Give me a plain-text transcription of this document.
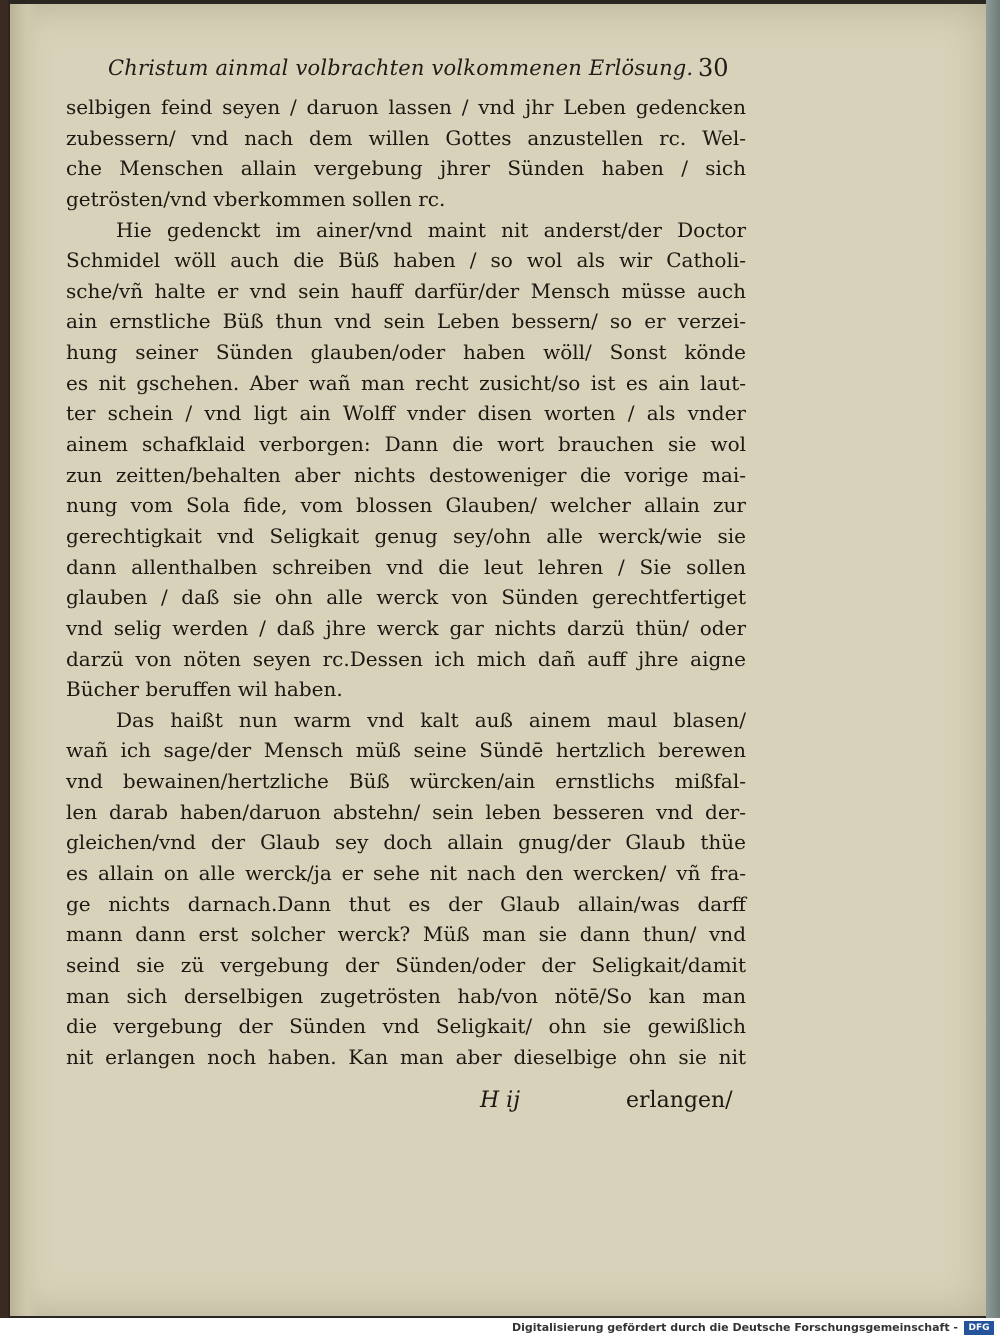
Christum ainmal volbrachten volkommenen Erlösung. 30
selbigen feind seyen / daruon lassen / vnd jhr Leben gedencken
zubessern/ vnd nach dem willen Gottes anzustellen rc. Wel-
che Menschen allain vergebung jhrer Sünden haben / sich
getrösten/vnd vberkommen sollen rc.
Hie gedenckt im ainer/vnd maint nit anderst/der Doctor
Schmidel wöll auch die Büß haben / so wol als wir Catholi-
sche/vñ halte er vnd sein hauff darfür/der Mensch müsse auch
ain ernstliche Büß thun vnd sein Leben bessern/ so er verzei-
hung seiner Sünden glauben/oder haben wöll/ Sonst könde
es nit gschehen. Aber wañ man recht zusicht/so ist es ain laut-
ter schein / vnd ligt ain Wolff vnder disen worten / als vnder
ainem schafklaid verborgen: Dann die wort brauchen sie wol
zun zeitten/behalten aber nichts destoweniger die vorige mai-
nung vom Sola fide, vom blossen Glauben/ welcher allain zur
gerechtigkait vnd Seligkait genug sey/ohn alle werck/wie sie
dann allenthalben schreiben vnd die leut lehren / Sie sollen
glauben / daß sie ohn alle werck von Sünden gerechtfertiget
vnd selig werden / daß jhre werck gar nichts darzü thün/ oder
darzü von nöten seyen rc.Dessen ich mich dañ auff jhre aigne
Bücher beruffen wil haben.
Das haißt nun warm vnd kalt auß ainem maul blasen/
wañ ich sage/der Mensch müß seine Sündē hertzlich berewen
vnd bewainen/hertzliche Büß würcken/ain ernstlichs mißfal-
len darab haben/daruon abstehn/ sein leben besseren vnd der-
gleichen/vnd der Glaub sey doch allain gnug/der Glaub thüe
es allain on alle werck/ja er sehe nit nach den wercken/ vñ fra-
ge nichts darnach.Dann thut es der Glaub allain/was darff
mann dann erst solcher werck? Müß man sie dann thun/ vnd
seind sie zü vergebung der Sünden/oder der Seligkait/damit
man sich derselbigen zugetrösten hab/von nötē/So kan man
die vergebung der Sünden vnd Seligkait/ ohn sie gewißlich
nit erlangen noch haben. Kan man aber dieselbige ohn sie nit
H ij	erlangen/
Digitalisierung gefördert durch die Deutsche Forschungsgemeinschaft -	DFG
